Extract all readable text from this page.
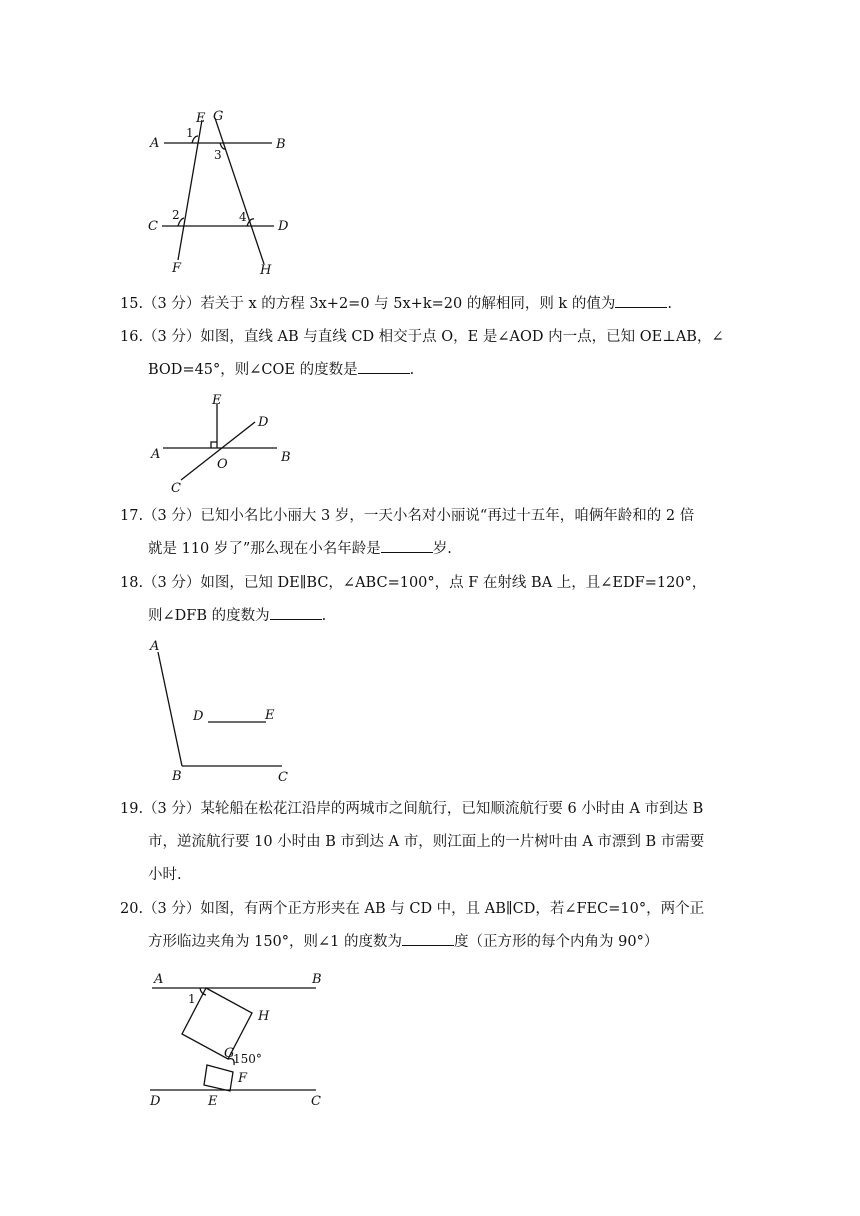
A	B
C	D
E G
F	H
1
3
2	4
15.（3 分）若关于 x 的方程 3x+2=0 与 5x+k=20 的解相同，则 k 的值为	.
16.（3 分）如图，直线 AB 与直线 CD 相交于点 O，E 是∠AOD 内一点，已知 OE⊥AB，∠
BOD=45°，则∠COE 的度数是	.
E
D
A
O	B
C
17.（3 分）已知小名比小丽大 3 岁，一天小名对小丽说“再过十五年，咱俩年龄和的 2 倍
就是 110 岁了”那么现在小名年龄是	岁.
18.（3 分）如图，已知 DE∥BC，∠ABC=100°，点 F 在射线 BA 上，且∠EDF=120°，
则∠DFB 的度数为	.
A
D	E
B	C
19.（3 分）某轮船在松花江沿岸的两城市之间航行，已知顺流航行要 6 小时由 A 市到达 B
市，逆流航行要 10 小时由 B 市到达 A 市，则江面上的一片树叶由 A 市漂到 B 市需要
小时.
20.（3 分）如图，有两个正方形夹在 AB 与 CD 中，且 AB∥CD，若∠FEC=10°，两个正
方形临边夹角为 150°，则∠1 的度数为	度（正方形的每个内角为 90°）
A	B
1
H
G
150°
F
D	E	C
